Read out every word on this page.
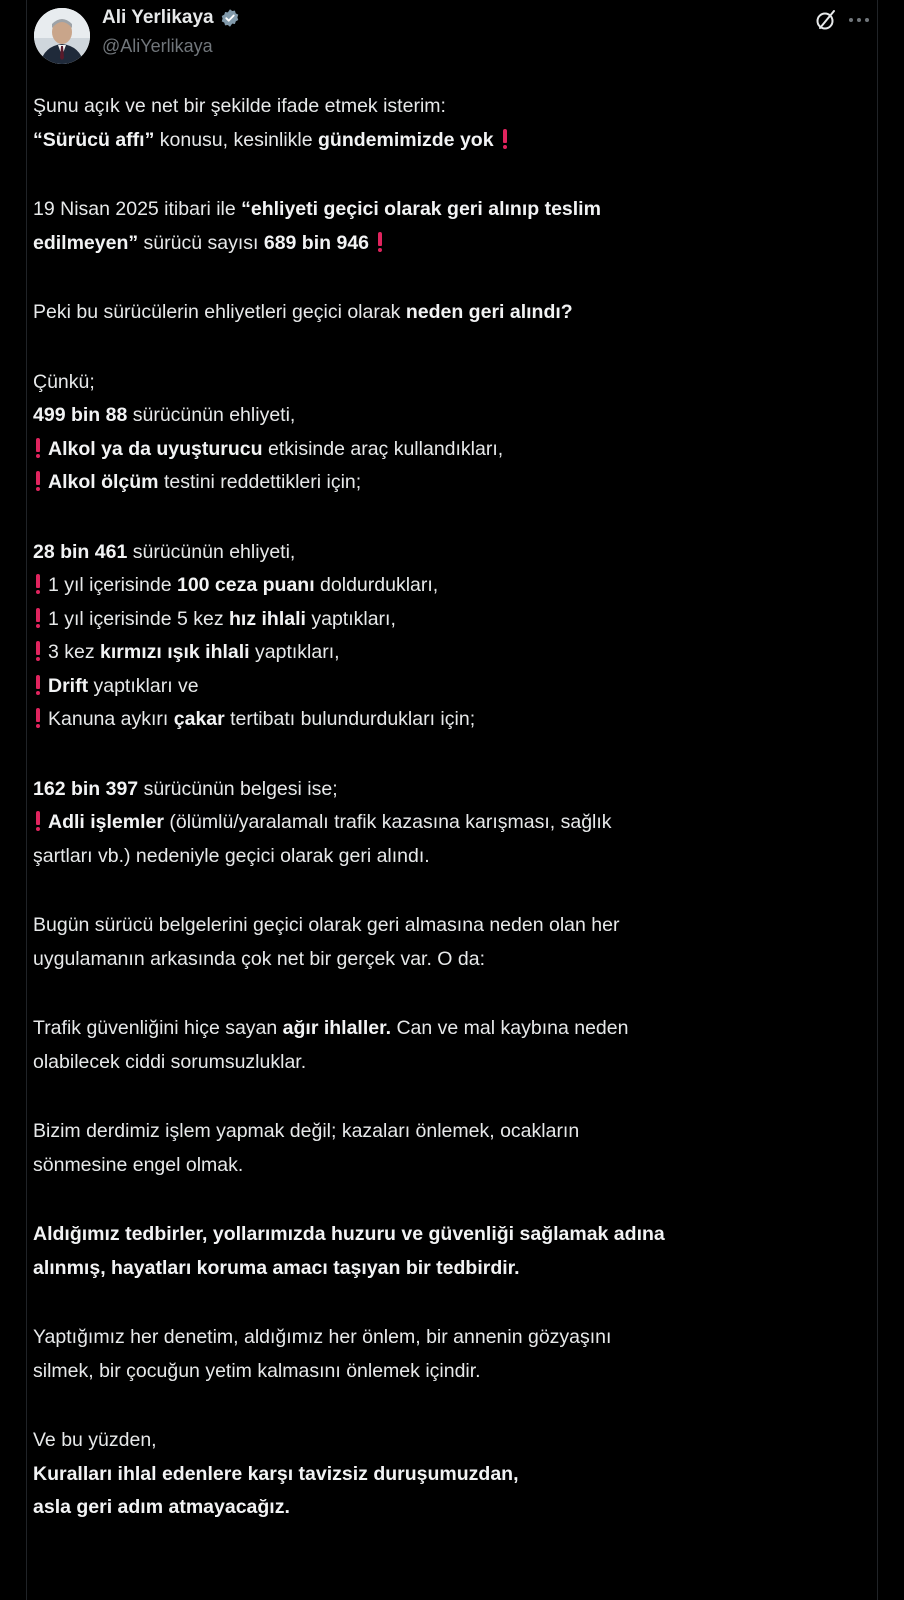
Ali Yerlikaya
@AliYerlikaya
Şunu açık ve net bir şekilde ifade etmek isterim:
“Sürücü affı” konusu, kesinlikle gündemimizde yok
19 Nisan 2025 itibari ile “ehliyeti geçici olarak geri alınıp teslim
edilmeyen” sürücü sayısı 689 bin 946
Peki bu sürücülerin ehliyetleri geçici olarak neden geri alındı?
Çünkü;
499 bin 88 sürücünün ehliyeti,
Alkol ya da uyuşturucu etkisinde araç kullandıkları,
Alkol ölçüm testini reddettikleri için;
28 bin 461 sürücünün ehliyeti,
1 yıl içerisinde 100 ceza puanı doldurdukları,
1 yıl içerisinde 5 kez hız ihlali yaptıkları,
3 kez kırmızı ışık ihlali yaptıkları,
Drift yaptıkları ve
Kanuna aykırı çakar tertibatı bulundurdukları için;
162 bin 397 sürücünün belgesi ise;
Adli işlemler (ölümlü/yaralamalı trafik kazasına karışması, sağlık
şartları vb.) nedeniyle geçici olarak geri alındı.
Bugün sürücü belgelerini geçici olarak geri almasına neden olan her
uygulamanın arkasında çok net bir gerçek var. O da:
Trafik güvenliğini hiçe sayan ağır ihlaller. Can ve mal kaybına neden
olabilecek ciddi sorumsuzluklar.
Bizim derdimiz işlem yapmak değil; kazaları önlemek, ocakların
sönmesine engel olmak.
Aldığımız tedbirler, yollarımızda huzuru ve güvenliği sağlamak adına
alınmış, hayatları koruma amacı taşıyan bir tedbirdir.
Yaptığımız her denetim, aldığımız her önlem, bir annenin gözyaşını
silmek, bir çocuğun yetim kalmasını önlemek içindir.
Ve bu yüzden,
Kuralları ihlal edenlere karşı tavizsiz duruşumuzdan,
asla geri adım atmayacağız.
